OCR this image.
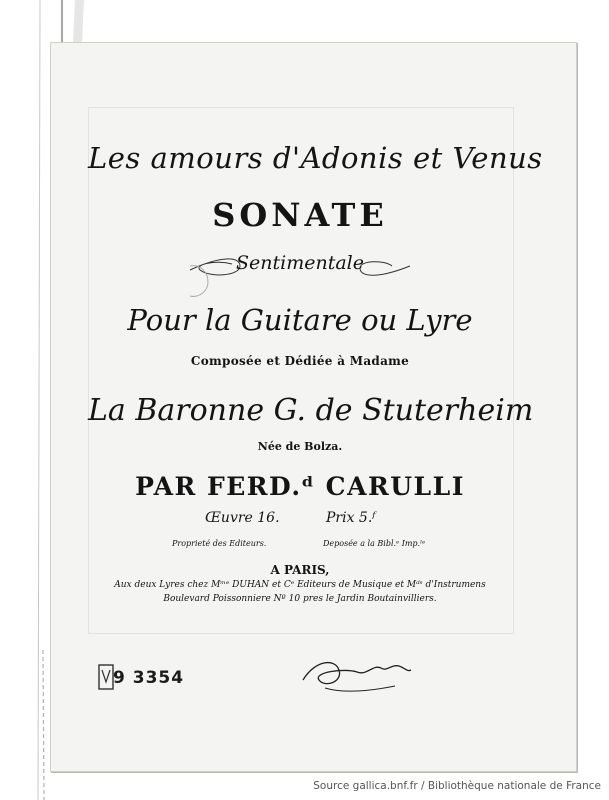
Les amours d'Adonis et Venus
SONATE
Sentimentale
Pour la Guitare ou Lyre
Composée et Dédiée à Madame
La Baronne G. de Stuterheim
Née de Bolza.
PAR FERD.ᵈ CARULLI
Œuvre 16.	Prix 5.ᶠ
Proprieté des Editeurs.	Deposée a la Bibl.ᵉ Imp.ˡᵉ
A PARIS,
Aux deux Lyres chez Mᵐᵉ DUHAN et Cᵉ Editeurs de Musique et Mᵈˢ d'Instrumens
Boulevard Poissonniere Nº 10 pres le Jardin Boutainvilliers.
9 3354
Source gallica.bnf.fr / Bibliothèque nationale de France
